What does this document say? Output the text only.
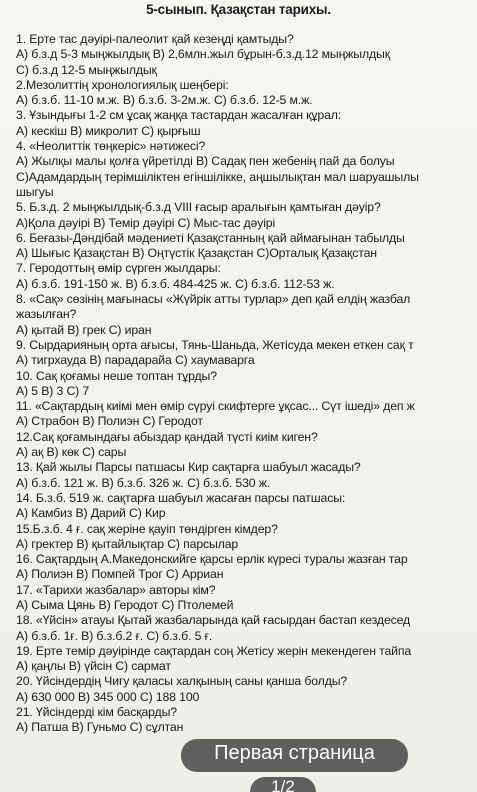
5-сынып. Қазақстан тарихы.
1. Ерте тас дәуірі-палеолит қай кезеңді қамтыды?
А) б.з.д 5-3 мыңжылдық В) 2,6млн.жыл бұрын-б.з.д.12 мыңжылдық
С) б.з.д 12-5 мыңжылдық
2.Мезолиттің хронологиялық шеңбері:
А) б.з.б. 11-10 м.ж. В) б.з.б. 3-2м.ж. С) б.з.б. 12-5 м.ж.
3. Ұзындығы 1-2 см ұсақ жаңқа тастардан жасалған құрал:
А) кескіш В) микролит С) қырғыш
4. «Неолиттік төңкеріс» нәтижесі?
А) Жылқы малы қолға үйретілді В) Садақ пен жебенің пай да болуы
С)Адамдардың терімшіліктен егіншілікке, аңшылықтан мал шаруашылы
шыгуы
5. Б.з.д. 2 мыңжылдық-б.з.д VIII ғасыр аралығын қамтыған дәуір?
А)Қола дәуірі В) Темір дәуірі С) Мыс-тас дәуірі
6. Беғазы-Дәндібай мәдениеті Қазақстанның қай аймағынан табылды
А) Шығыс Қазақстан В) Оңтүстік Қазақстан С)Орталық Қазақстан
7. Геродоттың өмір сүрген жылдары:
А) б.з.б. 191-150 ж. В) б.з.б. 484-425 ж. С) б.з.б. 112-53 ж.
8. «Сақ» сөзінің мағынасы «Жүйрік атты турлар» деп қай елдің жазбал
жазылған?
А) қытай В) грек С) иран
9. Сырдарияның орта ағысы, Тянь-Шаньда, Жетісуда мекен еткен сақ т
А) тигрхауда В) парадарайа С) хаумаварга
10. Сақ қоғамы неше топтан тұрды?
А) 5 В) 3 С) 7
11. «Сақтардың киімі мен өмір сүруі скифтерге ұқсас... Сүт ішеді» деп ж
А) Страбон В) Полиэн С) Геродот
12.Сақ қоғамындағы абыздар қандай түсті киім киген?
А) ақ В) көк С) сары
13. Қай жылы Парсы патшасы Кир сақтарға шабуыл жасады?
А) б.з.б. 121 ж. В) б.з.б. 326 ж. С) б.з.б. 530 ж.
14. Б.з.б. 519 ж. сақтарға шабуыл жасаған парсы патшасы:
А) Камбиз В) Дарий С) Кир
15.Б.з.б. 4 ғ. сақ жеріне қауіп төндірген кімдер?
А) гректер В) қытайлықтар С) парсылар
16. Сақтардың А.Македонскийге қарсы ерлік күресі туралы жазған тар
А) Полиэн В) Помпей Трог С) Арриан
17. «Тарихи жазбалар» авторы кім?
А) Сыма Цянь В) Геродот С) Птолемей
18. «Үйсін» атауы Қытай жазбаларында қай ғасырдан бастап кездесед
А) б.з.б. 1ғ. В) б.з.б.2 ғ. С) б.з.б. 5 ғ.
19. Ерте темір дәуірінде сақтардан соң Жетісу жерін мекендеген тайпа
А) қаңлы В) үйсін С) сармат
20. Үйсіндердің Чигу қаласы халқының саны қанша болды?
А) 630 000 В) 345 000 С) 188 100
21. Үйсіндерді кім басқарды?
А) Патша В) Гуньмо С) сұлтан
Первая страница
1/2
